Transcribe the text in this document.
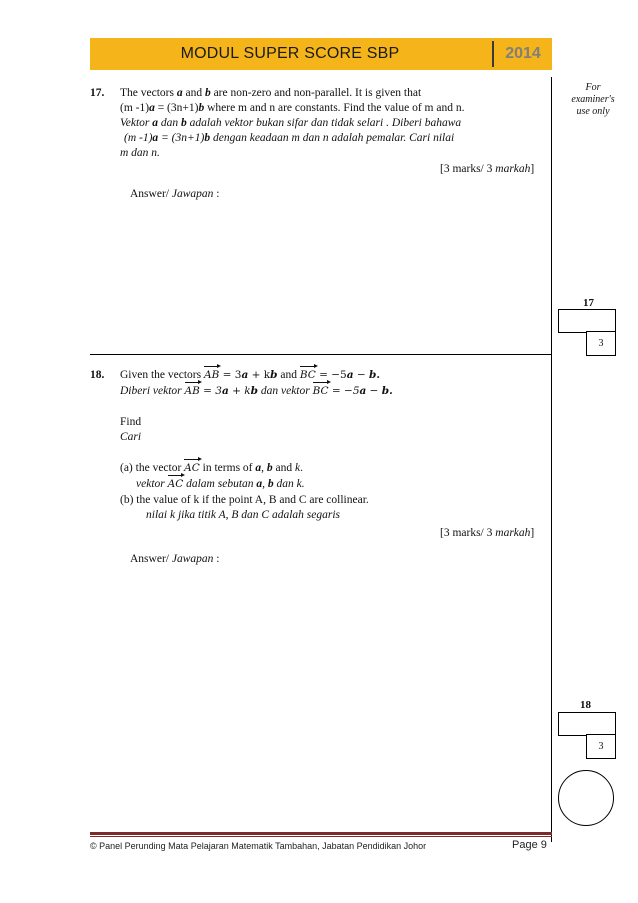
MODUL SUPER SCORE SBP	2014
For
examiner's
use only
17. The vectors a and b are non-zero and non-parallel. It is given that
(m -1)a = (3n+1)b where m and n are constants. Find the value of m and n.
Vektor a dan b adalah vektor bukan sifar dan tidak selari . Diberi bahawa
(m -1)a = (3n+1)b dengan keadaan m dan n adalah pemalar. Cari nilai
m dan n.
[3 marks/ 3 markah]
Answer/ Jawapan :
17
3
18. Given the vectors AB = 3a + kb and BC = −5a − b.
Diberi vektor AB = 3a + kb dan vektor BC = −5a − b.
Find
Cari
(a) the vector AC in terms of a, b and k.
vektor AC dalam sebutan a, b dan k.
(b) the value of k if the point A, B and C are collinear.
nilai k jika titik A, B dan C adalah segaris
[3 marks/ 3 markah]
Answer/ Jawapan :
18
3
© Panel Perunding Mata Pelajaran Matematik Tambahan, Jabatan Pendidikan Johor	Page 9
